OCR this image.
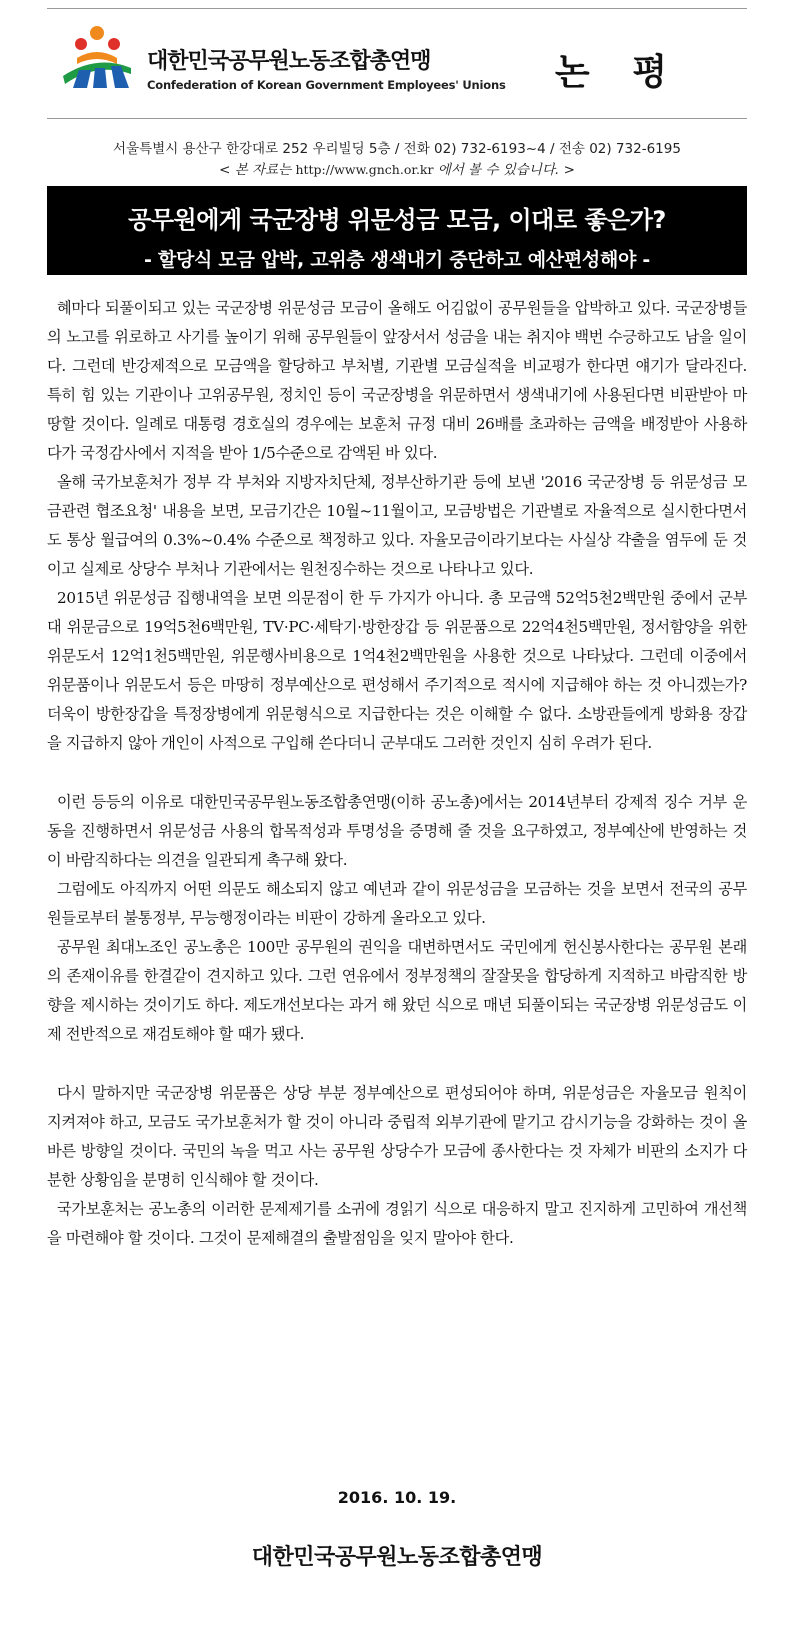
대한민국공무원노동조합총연맹
Confederation of Korean Government Employees' Unions 논 평
서울특별시 용산구 한강대로 252 우리빌딩 5층 / 전화 02) 732-6193~4 / 전송 02) 732-6195
< 본 자료는 http://www.gnch.or.kr 에서 볼 수 있습니다. >
공무원에게 국군장병 위문성금 모금, 이대로 좋은가?
- 할당식 모금 압박, 고위층 생색내기 중단하고 예산편성해야 -

혜마다 되풀이되고 있는 국군장병 위문성금 모금이 올해도 어김없이 공무원들을 압박하고 있다. 국군장병들의 노고를 위로하고 사기를 높이기 위해 공무원들이 앞장서서 성금을 내는 취지야 백번 수긍하고도 남을 일이다. 그런데 반강제적으로 모금액을 할당하고 부처별, 기관별 모금실적을 비교평가 한다면 얘기가 달라진다. 특히 힘 있는 기관이나 고위공무원, 정치인 등이 국군장병을 위문하면서 생색내기에 사용된다면 비판받아 마땅할 것이다. 일례로 대통령 경호실의 경우에는 보훈처 규정 대비 26배를 초과하는 금액을 배정받아 사용하다가 국정감사에서 지적을 받아 1/5수준으로 감액된 바 있다.

올해 국가보훈처가 정부 각 부처와 지방자치단체, 정부산하기관 등에 보낸 '2016 국군장병 등 위문성금 모금관련 협조요청' 내용을 보면, 모금기간은 10월~11월이고, 모금방법은 기관별로 자율적으로 실시한다면서도 통상 월급여의 0.3%~0.4% 수준으로 책정하고 있다. 자율모금이라기보다는 사실상 갹출을 염두에 둔 것이고 실제로 상당수 부처나 기관에서는 원천징수하는 것으로 나타나고 있다.

2015년 위문성금 집행내역을 보면 의문점이 한 두 가지가 아니다. 총 모금액 52억5천2백만원 중에서 군부대 위문금으로 19억5천6백만원, TV·PC·세탁기·방한장갑 등 위문품으로 22억4천5백만원, 정서함양을 위한 위문도서 12억1천5백만원, 위문행사비용으로 1억4천2백만원을 사용한 것으로 나타났다. 그런데 이중에서 위문품이나 위문도서 등은 마땅히 정부예산으로 편성해서 주기적으로 적시에 지급해야 하는 것 아니겠는가? 더욱이 방한장갑을 특정장병에게 위문형식으로 지급한다는 것은 이해할 수 없다. 소방관들에게 방화용 장갑을 지급하지 않아 개인이 사적으로 구입해 쓴다더니 군부대도 그러한 것인지 심히 우려가 된다.

이런 등등의 이유로 대한민국공무원노동조합총연맹(이하 공노총)에서는 2014년부터 강제적 징수 거부 운동을 진행하면서 위문성금 사용의 합목적성과 투명성을 증명해 줄 것을 요구하였고, 정부예산에 반영하는 것이 바람직하다는 의견을 일관되게 촉구해 왔다.

그럼에도 아직까지 어떤 의문도 해소되지 않고 예년과 같이 위문성금을 모금하는 것을 보면서 전국의 공무원들로부터 불통정부, 무능행정이라는 비판이 강하게 올라오고 있다.

공무원 최대노조인 공노총은 100만 공무원의 권익을 대변하면서도 국민에게 헌신봉사한다는 공무원 본래의 존재이유를 한결같이 견지하고 있다. 그런 연유에서 정부정책의 잘잘못을 합당하게 지적하고 바람직한 방향을 제시하는 것이기도 하다. 제도개선보다는 과거 해 왔던 식으로 매년 되풀이되는 국군장병 위문성금도 이제 전반적으로 재검토해야 할 때가 됐다.

다시 말하지만 국군장병 위문품은 상당 부분 정부예산으로 편성되어야 하며, 위문성금은 자율모금 원칙이 지켜져야 하고, 모금도 국가보훈처가 할 것이 아니라 중립적 외부기관에 맡기고 감시기능을 강화하는 것이 올바른 방향일 것이다. 국민의 녹을 먹고 사는 공무원 상당수가 모금에 종사한다는 것 자체가 비판의 소지가 다분한 상황임을 분명히 인식해야 할 것이다.

국가보훈처는 공노총의 이러한 문제제기를 소귀에 경읽기 식으로 대응하지 말고 진지하게 고민하여 개선책을 마련해야 할 것이다. 그것이 문제해결의 출발점임을 잊지 말아야 한다.

2016. 10. 19.
대한민국공무원노동조합총연맹
